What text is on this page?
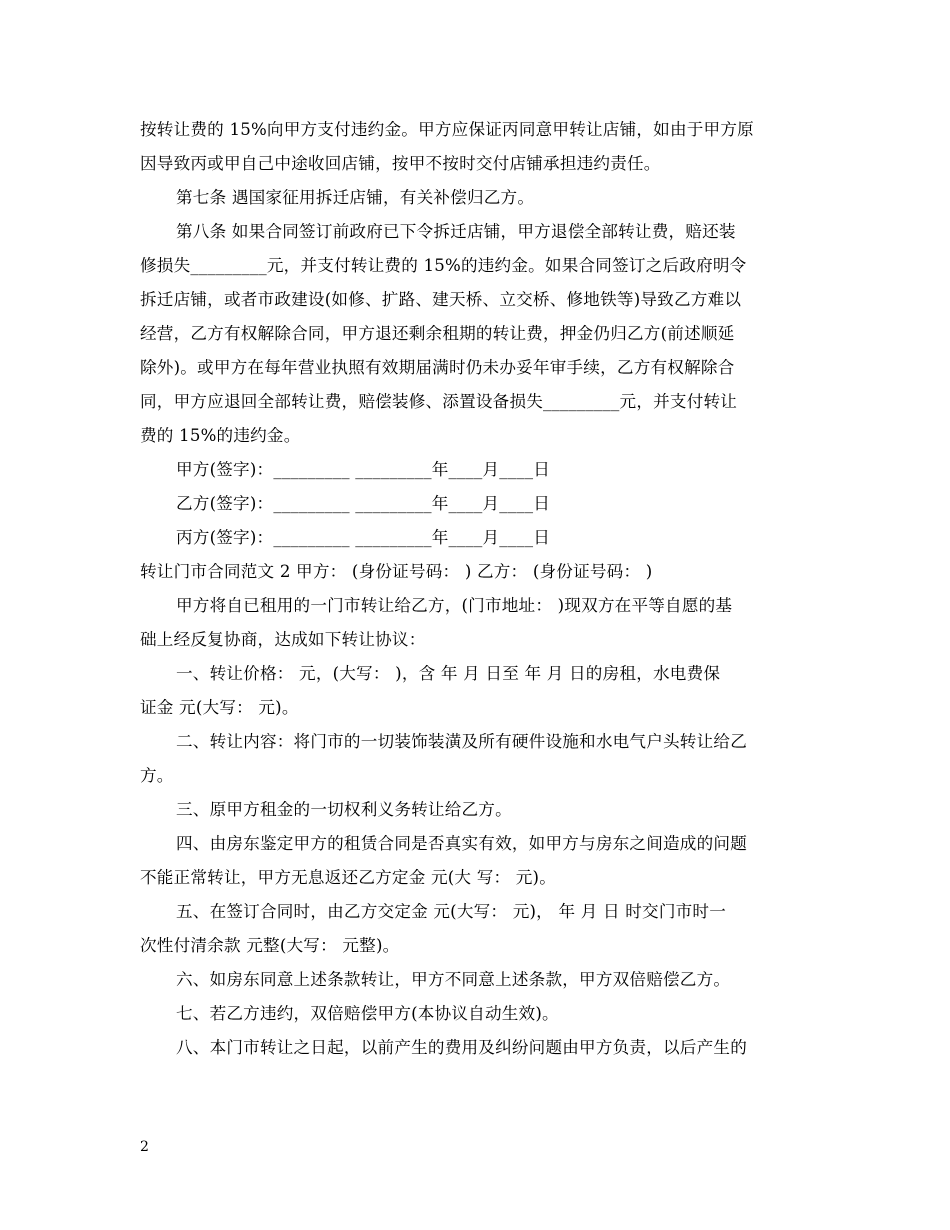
按转让费的 15%向甲方支付违约金。甲方应保证丙同意甲转让店铺，如由于甲方原
因导致丙或甲自己中途收回店铺，按甲不按时交付店铺承担违约责任。
第七条 遇国家征用拆迁店铺，有关补偿归乙方。
第八条 如果合同签订前政府已下令拆迁店铺，甲方退偿全部转让费，赔还装
修损失_________元，并支付转让费的 15%的违约金。如果合同签订之后政府明令
拆迁店铺，或者市政建设(如修、扩路、建天桥、立交桥、修地铁等)导致乙方难以
经营，乙方有权解除合同，甲方退还剩余租期的转让费，押金仍归乙方(前述顺延
除外)。或甲方在每年营业执照有效期届满时仍未办妥年审手续，乙方有权解除合
同，甲方应退回全部转让费，赔偿装修、添置设备损失_________元，并支付转让
费的 15%的违约金。
甲方(签字)：_________ _________年____月____日
乙方(签字)：_________ _________年____月____日
丙方(签字)：_________ _________年____月____日
转让门市合同范文 2 甲方： (身份证号码： ) 乙方： (身份证号码： )
甲方将自已租用的一门市转让给乙方，(门市地址： )现双方在平等自愿的基
础上经反复协商，达成如下转让协议：
一、转让价格： 元，(大写： )，含 年 月 日至 年 月 日的房租，水电费保
证金 元(大写： 元)。
二、转让内容：将门市的一切装饰装潢及所有硬件设施和水电气户头转让给乙
方。
三、原甲方租金的一切权利义务转让给乙方。
四、由房东鉴定甲方的租赁合同是否真实有效，如甲方与房东之间造成的问题
不能正常转让，甲方无息返还乙方定金 元(大 写： 元)。
五、在签订合同时，由乙方交定金 元(大写： 元)， 年 月 日 时交门市时一
次性付清余款 元整(大写： 元整)。
六、如房东同意上述条款转让，甲方不同意上述条款，甲方双倍赔偿乙方。
七、若乙方违约，双倍赔偿甲方(本协议自动生效)。
八、本门市转让之日起，以前产生的费用及纠纷问题由甲方负责，以后产生的
2
